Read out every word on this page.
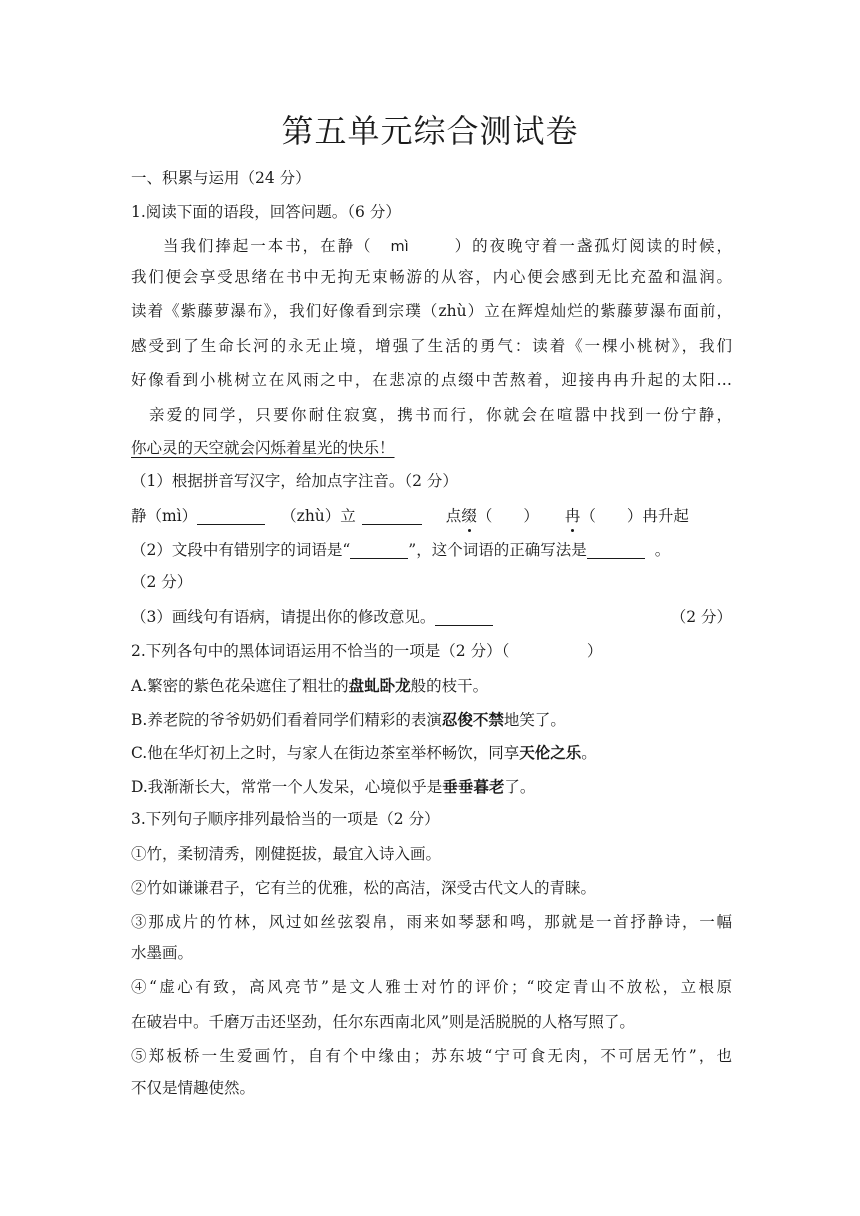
第五单元综合测试卷
一、积累与运用（24 分）
1.阅读下面的语段，回答问题。（6 分）
当我们捧起一本书，在静（ mì	）的夜晚守着一盏孤灯阅读的时候，
我们便会享受思绪在书中无拘无束畅游的从容，内心便会感到无比充盈和温润。
读着《紫藤萝瀑布》，我们好像看到宗璞（zhù）立在辉煌灿烂的紫藤萝瀑布面前，
感受到了生命长河的永无止境，增强了生活的勇气：读着《一棵小桃树》，我们
好像看到小桃树立在风雨之中，在悲凉的点缀中苦熬着，迎接冉冉升起的太阳…
亲爱的同学，只要你耐住寂寞，携书而行，你就会在喧嚣中找到一份宁静，
你心灵的天空就会闪烁着星光的快乐！
（1）根据拼音写汉字，给加点字注音。（2 分）
静（mì）	（zhù）立	点缀（　　） 冉（　　）冉升起
（2）文段中有错别字的词语是“	”，这个词语的正确写法是	。
（2 分）
（3）画线句有语病，请提出你的修改意见。	（2 分）
2.下列各句中的黑体词语运用不恰当的一项是（2 分）（　　　　　）
A.繁密的紫色花朵遮住了粗壮的盘虬卧龙般的枝干。
B.养老院的爷爷奶奶们看着同学们精彩的表演忍俊不禁地笑了。
C.他在华灯初上之时，与家人在街边茶室举杯畅饮，同享天伦之乐。
D.我渐渐长大，常常一个人发呆，心境似乎是垂垂暮老了。
3.下列句子顺序排列最恰当的一项是（2 分）
①竹，柔韧清秀，刚健挺拔，最宜入诗入画。
②竹如谦谦君子，它有兰的优雅，松的高洁，深受古代文人的青睐。
③那成片的竹林，风过如丝弦裂帛，雨来如琴瑟和鸣，那就是一首抒静诗，一幅
水墨画。
④“虚心有致，高风亮节”是文人雅士对竹的评价；“咬定青山不放松，立根原
在破岩中。千磨万击还坚劲，任尔东西南北风”则是活脱脱的人格写照了。
⑤郑板桥一生爱画竹，自有个中缘由；苏东坡“宁可食无肉，不可居无竹”，也
不仅是情趣使然。
